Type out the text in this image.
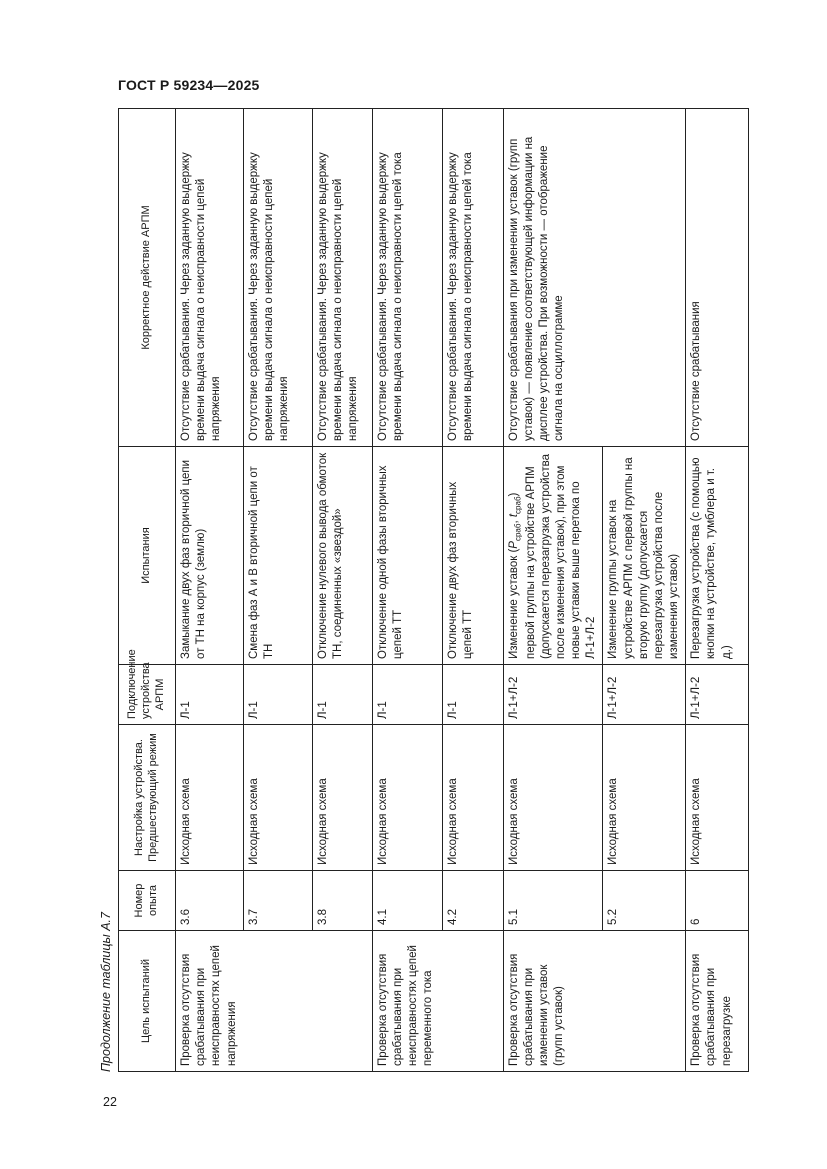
ГОСТ Р 59234—2025
Продолжение таблицы А.7
22
Цель испытаний	Номер опыта	Настройка устройства. Предшествующий режим	Подключение устройства АРПМ	Испытания	Корректное действие АРПМ
Проверка отсутствия срабатывания при неисправностях цепей напряжения	3.6	Исходная схема	Л-1	Замыкание двух фаз вторичной цепи от ТН на корпус (землю)	Отсутствие срабатывания. Через заданную выдержку времени выдача сигнала о неисправности цепей напряжения
	3.7	Исходная схема	Л-1	Смена фаз А и В вторичной цепи от ТН	Отсутствие срабатывания. Через заданную выдержку времени выдача сигнала о неисправности цепей напряжения
	3.8	Исходная схема	Л-1	Отключение нулевого вывода обмоток ТН, соединенных «звездой»	Отсутствие срабатывания. Через заданную выдержку времени выдача сигнала о неисправности цепей напряжения
Проверка отсутствия срабатывания при неисправностях цепей переменного тока	4.1	Исходная схема	Л-1	Отключение одной фазы вторичных цепей ТТ	Отсутствие срабатывания. Через заданную выдержку времени выдача сигнала о неисправности цепей тока
	4.2	Исходная схема	Л-1	Отключение двух фаз вторичных цепей ТТ	Отсутствие срабатывания. Через заданную выдержку времени выдача сигнала о неисправности цепей тока
Проверка отсутствия срабатывания при изменении уставок (групп уставок)	5.1	Исходная схема	Л-1+Л-2	Изменение уставок ($P_{сраб}$, $t_{сраб}$) первой группы на устройстве АРПМ (допускается перезагрузка устройства после изменения уставок), при этом новые уставки выше перетока по Л-1+Л-2	Отсутствие срабатывания при изменении уставок (групп уставок) — появление соответствующей информации на дисплее устройства. При возможности — отображение сигнала на осциллограмме
	5.2	Исходная схема	Л-1+Л-2	Изменение группы уставок на устройстве АРПМ с первой группы на вторую группу (допускается перезагрузка устройства после изменения уставок)	
Проверка отсутствия срабатывания при перезагрузке	6	Исходная схема	Л-1+Л-2	Перезагрузка устройства (с помощью кнопки на устройстве, тумблера и т. д.)	Отсутствие срабатывания
